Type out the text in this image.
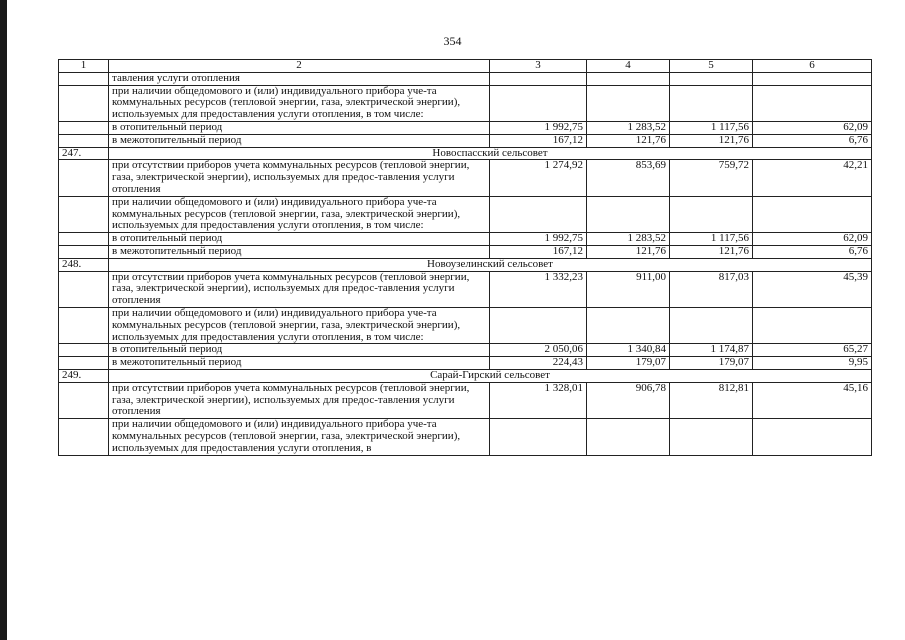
354
1	2	3	4	5	6
	тавления услуги отопления				
	при наличии общедомового и (или) индивидуального прибора уче-та коммунальных ресурсов (тепловой энергии, газа, электрической энергии), используемых для предоставления услуги отопления, в том числе:				
	в отопительный период	1 992,75	1 283,52	1 117,56	62,09
	в межотопительный период	167,12	121,76	121,76	6,76
247.	Новоспасский сельсовет				
	при отсутствии приборов учета коммунальных ресурсов (тепловой энергии, газа, электрической энергии), используемых для предос-тавления услуги отопления	1 274,92	853,69	759,72	42,21
	при наличии общедомового и (или) индивидуального прибора уче-та коммунальных ресурсов (тепловой энергии, газа, электрической энергии), используемых для предоставления услуги отопления, в том числе:				
	в отопительный период	1 992,75	1 283,52	1 117,56	62,09
	в межотопительный период	167,12	121,76	121,76	6,76
248.	Новоузелинский сельсовет				
	при отсутствии приборов учета коммунальных ресурсов (тепловой энергии, газа, электрической энергии), используемых для предос-тавления услуги отопления	1 332,23	911,00	817,03	45,39
	при наличии общедомового и (или) индивидуального прибора уче-та коммунальных ресурсов (тепловой энергии, газа, электрической энергии), используемых для предоставления услуги отопления, в том числе:				
	в отопительный период	2 050,06	1 340,84	1 174,87	65,27
	в межотопительный период	224,43	179,07	179,07	9,95
249.	Сарай-Гирский сельсовет				
	при отсутствии приборов учета коммунальных ресурсов (тепловой энергии, газа, электрической энергии), используемых для предос-тавления услуги отопления	1 328,01	906,78	812,81	45,16
	при наличии общедомового и (или) индивидуального прибора уче-та коммунальных ресурсов (тепловой энергии, газа, электрической энергии), используемых для предоставления услуги отопления, в				
